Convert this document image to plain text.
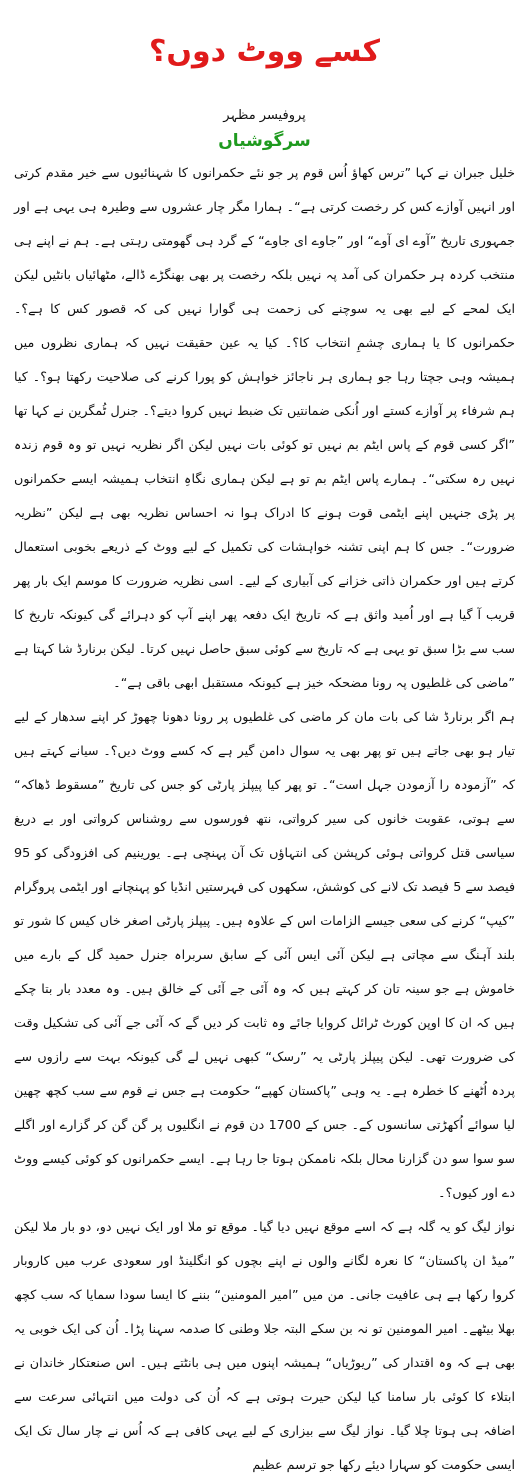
کسے ووٹ دوں؟
پروفیسر مظہر
سرگوشیاں

خلیل جبران نے کہا ”ترس کھاؤ اُس قوم پر جو نئے حکمرانوں کا شہنائیوں سے خیر مقدم کرتی اور انہیں آوازے کس کر رخصت کرتی ہے“۔ ہمارا مگر چار عشروں سے وطیرہ ہی یہی ہے اور جمہوری تاریخ ”آوے ای آوے“ اور ”جاوے ای جاوے“ کے گرد ہی گھومتی رہتی ہے۔ ہم نے اپنے ہی منتخب کردہ ہر حکمران کی آمد پہ نہیں بلکہ رخصت پر بھی بھنگڑے ڈالے، مٹھائیاں بانٹیں لیکن ایک لمحے کے لیے بھی یہ سوچنے کی زحمت ہی گوارا نہیں کی کہ قصور کس کا ہے؟۔ حکمرانوں کا یا ہماری چشمِ انتخاب کا؟۔ کیا یہ عین حقیقت نہیں کہ ہماری نظروں میں ہمیشہ وہی جچتا رہا جو ہماری ہر ناجائز خواہش کو پورا کرنے کی صلاحیت رکھتا ہو؟۔ کیا ہم شرفاء پر آوازے کستے اور اُنکی ضمانتیں تک ضبط نہیں کروا دیتے؟۔ جنرل ٹُمگرین نے کہا تھا ”اگر کسی قوم کے پاس ایٹم بم نہیں تو کوئی بات نہیں لیکن اگر نظریہ نہیں تو وہ قوم زندہ نہیں رہ سکتی“۔ ہمارے پاس ایٹم بم تو ہے لیکن ہماری نگاہِ انتخاب ہمیشہ ایسے حکمرانوں پر پڑی جنہیں اپنے ایٹمی قوت ہونے کا ادراک ہوا نہ احساس نظریہ بھی ہے لیکن ”نظریہ ضرورت“۔ جس کا ہم اپنی تشنہ خواہشات کی تکمیل کے لیے ووٹ کے ذریعے بخوبی استعمال کرتے ہیں اور حکمران ذاتی خزانے کی آبیاری کے لیے۔ اسی نظریہ ضرورت کا موسم ایک بار پھر قریب آ گیا ہے اور اُمید واثق ہے کہ تاریخ ایک دفعہ پھر اپنے آپ کو دہرائے گی کیونکہ تاریخ کا سب سے بڑا سبق تو یہی ہے کہ تاریخ سے کوئی سبق حاصل نہیں کرتا۔ لیکن برنارڈ شا کہتا ہے ”ماضی کی غلطیوں پہ رونا مضحکہ خیز ہے کیونکہ مستقبل ابھی باقی ہے“۔

ہم اگر برنارڈ شا کی بات مان کر ماضی کی غلطیوں پر رونا دھونا چھوڑ کر اپنے سدھار کے لیے تیار ہو بھی جاتے ہیں تو پھر بھی یہ سوال دامن گیر ہے کہ کسے ووٹ دیں؟۔ سیانے کہتے ہیں کہ ”آزمودہ را آزمودن جہل است“۔ تو پھر کیا پیپلز پارٹی کو جس کی تاریخ ”مسقوط ڈھاکہ“ سے ہوتی، عقوبت خانوں کی سیر کرواتی، نتھ فورسوں سے روشناس کرواتی اور بے دریغ سیاسی قتل کرواتی ہوئی کرپشن کی انتہاؤں تک آن پہنچی ہے۔ یورینیم کی افزودگی کو 95 فیصد سے 5 فیصد تک لانے کی کوشش، سکھوں کی فہرستیں انڈیا کو پہنچانے اور ایٹمی پروگرام ”کیپ“ کرنے کی سعی جیسے الزامات اس کے علاوہ ہیں۔ پیپلز پارٹی اصغر خاں کیس کا شور تو بلند آہنگ سے مچاتی ہے لیکن آئی ایس آئی کے سابق سربراہ جنرل حمید گل کے بارے میں خاموش ہے جو سینہ تان کر کہتے ہیں کہ وہ آئی جے آئی کے خالق ہیں۔ وہ معدد بار بتا چکے ہیں کہ ان کا اوپن کورٹ ٹرائل کروایا جائے وہ ثابت کر دیں گے کہ آئی جے آئی کی تشکیل وقت کی ضرورت تھی۔ لیکن پیپلز پارٹی یہ ”رسک“ کبھی نہیں لے گی کیونکہ بہت سے رازوں سے پردہ اُٹھنے کا خطرہ ہے۔ یہ وہی ”پاکستان کھپے“ حکومت ہے جس نے قوم سے سب کچھ چھین لیا سوائے اُکھڑتی سانسوں کے۔ جس کے 1700 دن قوم نے انگلیوں پر گن گن کر گزارے اور اگلے سو سوا سو دن گزارنا محال بلکہ ناممکن ہوتا جا رہا ہے۔ ایسے حکمرانوں کو کوئی کیسے ووٹ دے اور کیوں؟۔

نواز لیگ کو یہ گلہ ہے کہ اسے موقع نہیں دیا گیا۔ موقع تو ملا اور ایک نہیں دو، دو بار ملا لیکن ”میڈ ان پاکستان“ کا نعرہ لگانے والوں نے اپنے بچوں کو انگلینڈ اور سعودی عرب میں کاروبار کروا رکھا ہے ہی عافیت جانی۔ من میں ”امیر المومنین“ بننے کا ایسا سودا سمایا کہ سب کچھ بھلا بیٹھے۔ امیر المومنین تو نہ بن سکے البتہ جلا وطنی کا صدمہ سہنا پڑا۔ اُن کی ایک خوبی یہ بھی ہے کہ وہ اقتدار کی ”ریوڑیاں“ ہمیشہ اپنوں میں ہی بانٹتے ہیں۔ اس صنعتکار خاندان نے ابتلاء کا کوئی بار سامنا کیا لیکن حیرت ہوتی ہے کہ اُن کی دولت میں انتہائی سرعت سے اضافہ ہی ہوتا چلا گیا۔ نواز لیگ سے بیزاری کے لیے یہی کافی ہے کہ اُس نے چار سال تک ایک ایسی حکومت کو سہارا دیئے رکھا جو ترسم عظیم
